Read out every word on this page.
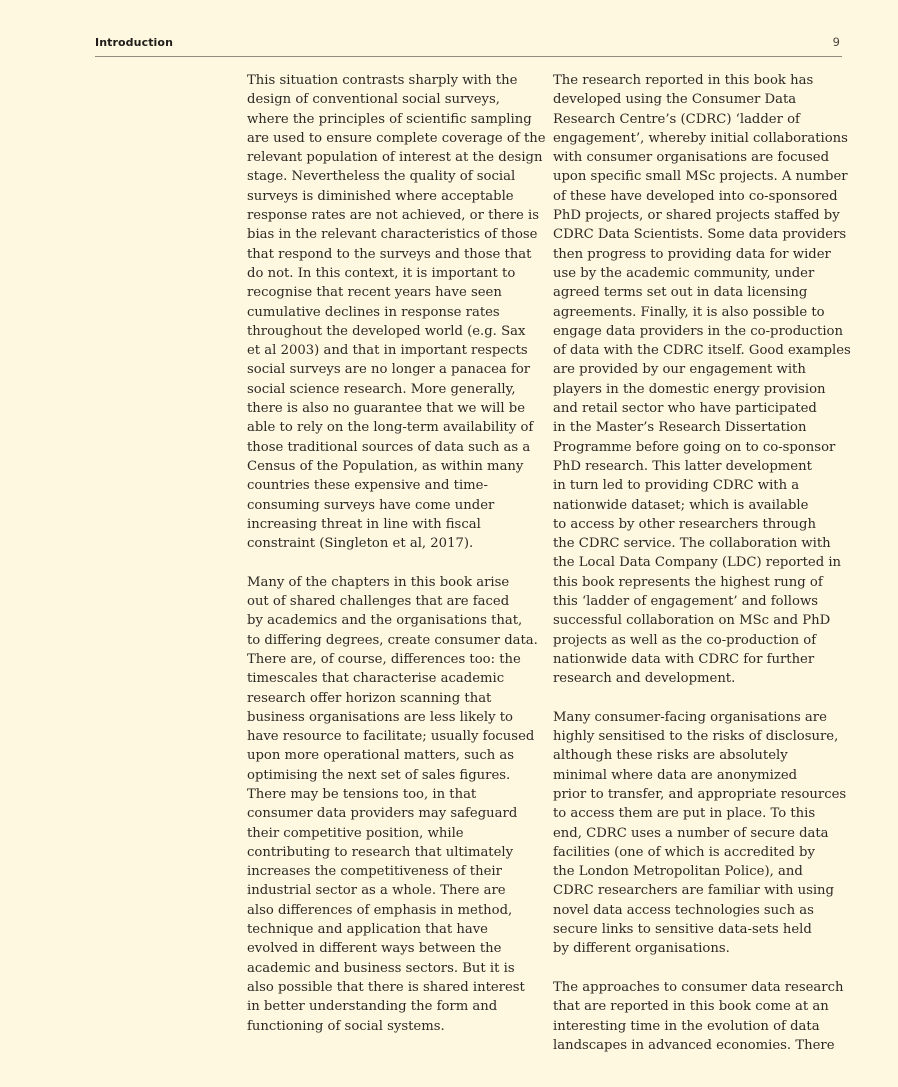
Introduction	9

This situation contrasts sharply with the
design of conventional social surveys,
where the principles of scientific sampling
are used to ensure complete coverage of the
relevant population of interest at the design
stage. Nevertheless the quality of social
surveys is diminished where acceptable
response rates are not achieved, or there is
bias in the relevant characteristics of those
that respond to the surveys and those that
do not. In this context, it is important to
recognise that recent years have seen
cumulative declines in response rates
throughout the developed world (e.g. Sax
et al 2003) and that in important respects
social surveys are no longer a panacea for
social science research. More generally,
there is also no guarantee that we will be
able to rely on the long-term availability of
those traditional sources of data such as a
Census of the Population, as within many
countries these expensive and time-
consuming surveys have come under
increasing threat in line with fiscal
constraint (Singleton et al, 2017).

Many of the chapters in this book arise
out of shared challenges that are faced
by academics and the organisations that,
to differing degrees, create consumer data.
There are, of course, differences too: the
timescales that characterise academic
research offer horizon scanning that
business organisations are less likely to
have resource to facilitate; usually focused
upon more operational matters, such as
optimising the next set of sales figures.
There may be tensions too, in that
consumer data providers may safeguard
their competitive position, while
contributing to research that ultimately
increases the competitiveness of their
industrial sector as a whole. There are
also differences of emphasis in method,
technique and application that have
evolved in different ways between the
academic and business sectors. But it is
also possible that there is shared interest
in better understanding the form and
functioning of social systems.

The research reported in this book has
developed using the Consumer Data
Research Centre’s (CDRC) ‘ladder of
engagement’, whereby initial collaborations
with consumer organisations are focused
upon specific small MSc projects. A number
of these have developed into co-sponsored
PhD projects, or shared projects staffed by
CDRC Data Scientists. Some data providers
then progress to providing data for wider
use by the academic community, under
agreed terms set out in data licensing
agreements. Finally, it is also possible to
engage data providers in the co-production
of data with the CDRC itself. Good examples
are provided by our engagement with
players in the domestic energy provision
and retail sector who have participated
in the Master’s Research Dissertation
Programme before going on to co-sponsor
PhD research. This latter development
in turn led to providing CDRC with a
nationwide dataset; which is available
to access by other researchers through
the CDRC service. The collaboration with
the Local Data Company (LDC) reported in
this book represents the highest rung of
this ‘ladder of engagement’ and follows
successful collaboration on MSc and PhD
projects as well as the co-production of
nationwide data with CDRC for further
research and development.

Many consumer-facing organisations are
highly sensitised to the risks of disclosure,
although these risks are absolutely
minimal where data are anonymized
prior to transfer, and appropriate resources
to access them are put in place. To this
end, CDRC uses a number of secure data
facilities (one of which is accredited by
the London Metropolitan Police), and
CDRC researchers are familiar with using
novel data access technologies such as
secure links to sensitive data-sets held
by different organisations.

The approaches to consumer data research
that are reported in this book come at an
interesting time in the evolution of data
landscapes in advanced economies. There
